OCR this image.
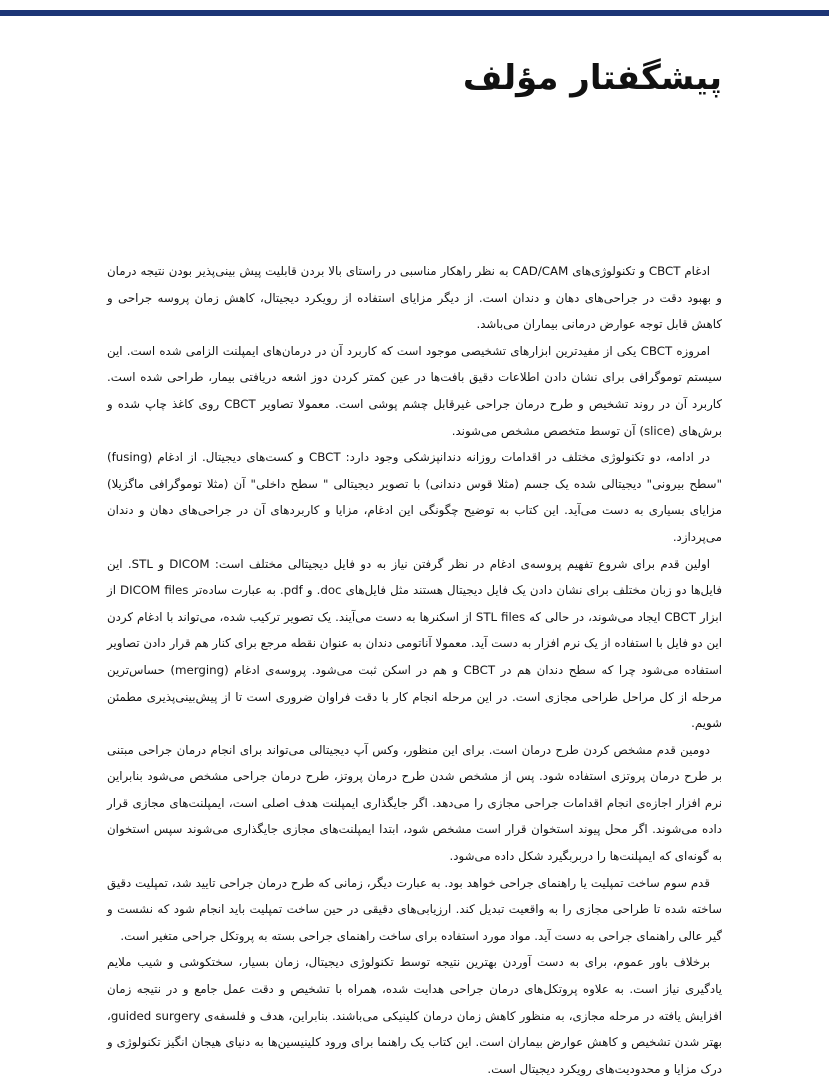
پیشگفتار مؤلف

ادغام CBCT و تکنولوژی‌های CAD/CAM به نظر راهکار مناسبی در راستای بالا بردن قابلیت پیش بینی‌پذیر بودن نتیجه درمان و بهبود دقت در جراحی‌های دهان و دندان است. از دیگر مزایای استفاده از رویکرد دیجیتال، کاهش زمان پروسه جراحی و کاهش قابل توجه عوارض درمانی بیماران می‌باشد.

امروزه CBCT یکی از مفیدترین ابزارهای تشخیصی موجود است که کاربرد آن در درمان‌های ایمپلنت الزامی شده است. این سیستم توموگرافی برای نشان دادن اطلاعات دقیق بافت‌ها در عین کمتر کردن دوز اشعه دریافتی بیمار، طراحی شده است. کاربرد آن در روند تشخیص و طرح درمان جراحی غیرقابل چشم پوشی است. معمولا تصاویر CBCT روی کاغذ چاپ شده و برش‌های (slice) آن توسط متخصص مشخص می‌شوند.

در ادامه، دو تکنولوژی مختلف در اقدامات روزانه دندانپزشکی وجود دارد: CBCT و کست‌های دیجیتال. از ادغام (fusing) "سطح بیرونی" دیجیتالی شده یک جسم (مثلا قوس دندانی) با تصویر دیجیتالی " سطح داخلی" آن (مثلا توموگرافی ماگزیلا) مزایای بسیاری به دست می‌آید. این کتاب به توضیح چگونگی این ادغام، مزایا و کاربردهای آن در جراحی‌های دهان و دندان می‌پردازد.

اولین قدم برای شروع تفهیم پروسه‌ی ادغام در نظر گرفتن نیاز به دو فایل دیجیتالی مختلف است: DICOM و STL. این فایل‌ها دو زبان مختلف برای نشان دادن یک فایل دیجیتال هستند مثل فایل‌های doc. و pdf. به عبارت ساده‌تر DICOM files از ابزار CBCT ایجاد می‌شوند، در حالی که STL files از اسکنرها به دست می‌آیند. یک تصویر ترکیب شده، می‌تواند با ادغام کردن این دو فایل با استفاده از یک نرم افزار به دست آید. معمولا آناتومی دندان به عنوان نقطه مرجع برای کنار هم قرار دادن تصاویر استفاده می‌شود چرا که سطح دندان هم در CBCT و هم در اسکن ثبت می‌شود. پروسه‌ی ادغام (merging) حساس‌ترین مرحله از کل مراحل طراحی مجازی است. در این مرحله انجام کار با دقت فراوان ضروری است تا از پیش‌بینی‌پذیری مطمئن شویم.

دومین قدم مشخص کردن طرح درمان است. برای این منظور، وکس آپ دیجیتالی می‌تواند برای انجام درمان جراحی مبتنی بر طرح درمان پروتزی استفاده شود. پس از مشخص شدن طرح درمان پروتز، طرح درمان جراحی مشخص می‌شود بنابراین نرم افزار اجازه‌ی انجام اقدامات جراحی مجازی را می‌دهد. اگر جایگذاری ایمپلنت هدف اصلی است، ایمپلنت‌های مجازی قرار داده می‌شوند. اگر محل پیوند استخوان قرار است مشخص شود، ابتدا ایمپلنت‌های مجازی جایگذاری می‌شوند سپس استخوان به گونه‌ای که ایمپلنت‌ها را دربربگیرد شکل داده می‌شود.

قدم سوم ساخت تمپلیت یا راهنمای جراحی خواهد بود. به عبارت دیگر، زمانی که طرح درمان جراحی تایید شد، تمپلیت دقیق ساخته شده تا طراحی مجازی را به واقعیت تبدیل کند. ارزیابی‌های دقیقی در حین ساخت تمپلیت باید انجام شود که نشست و گیر عالی راهنمای جراحی به دست آید. مواد مورد استفاده برای ساخت راهنمای جراحی بسته به پروتکل جراحی متغیر است.

برخلاف باور عموم، برای به دست آوردن بهترین نتیجه توسط تکنولوژی دیجیتال، زمان بسیار، سختکوشی و شیب ملایم یادگیری نیاز است. به علاوه پروتکل‌های درمان جراحی هدایت شده، همراه با تشخیص و دقت عمل جامع و در نتیجه زمان افزایش یافته در مرحله مجازی، به منظور کاهش زمان درمان کلینیکی می‌باشند. بنابراین، هدف و فلسفه‌ی guided surgery، بهتر شدن تشخیص و کاهش عوارض بیماران است. این کتاب یک راهنما برای ورود کلینیسین‌ها به دنیای هیجان انگیز تکنولوژی و درک مزایا و محدودیت‌های رویکرد دیجیتال است.
